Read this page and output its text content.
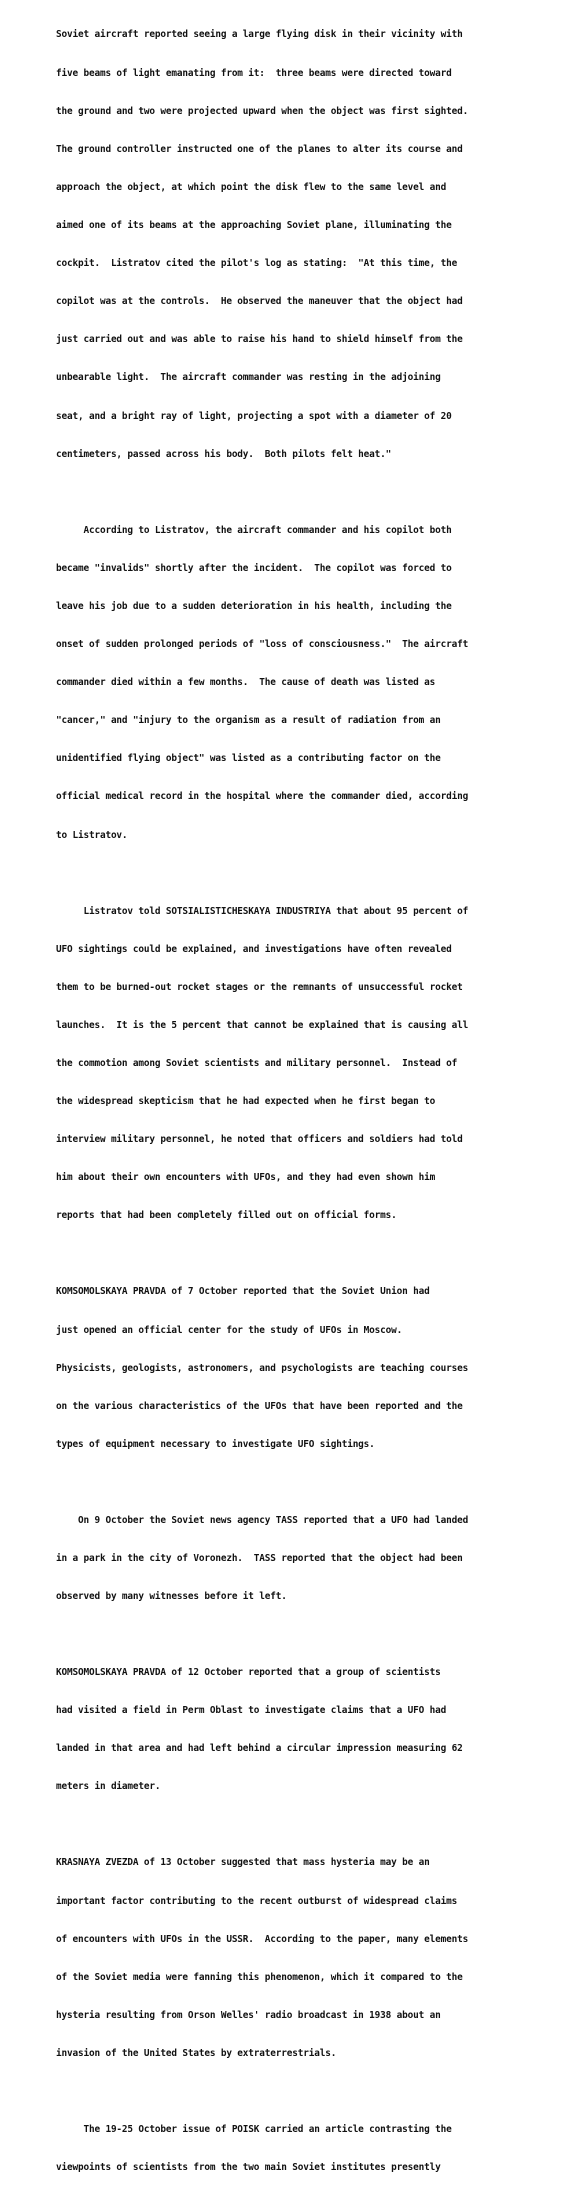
Soviet aircraft reported seeing a large flying disk in their vicinity with

five beams of light emanating from it:  three beams were directed toward

the ground and two were projected upward when the object was first sighted.

The ground controller instructed one of the planes to alter its course and

approach the object, at which point the disk flew to the same level and

aimed one of its beams at the approaching Soviet plane, illuminating the

cockpit.  Listratov cited the pilot's log as stating:  "At this time, the

copilot was at the controls.  He observed the maneuver that the object had

just carried out and was able to raise his hand to shield himself from the

unbearable light.  The aircraft commander was resting in the adjoining

seat, and a bright ray of light, projecting a spot with a diameter of 20

centimeters, passed across his body.  Both pilots felt heat."

According to Listratov, the aircraft commander and his copilot both

became "invalids" shortly after the incident.  The copilot was forced to

leave his job due to a sudden deterioration in his health, including the

onset of sudden prolonged periods of "loss of consciousness."  The aircraft

commander died within a few months.  The cause of death was listed as

"cancer," and "injury to the organism as a result of radiation from an

unidentified flying object" was listed as a contributing factor on the

official medical record in the hospital where the commander died, according

to Listratov.

Listratov told SOTSIALISTICHESKAYA INDUSTRIYA that about 95 percent of

UFO sightings could be explained, and investigations have often revealed

them to be burned-out rocket stages or the remnants of unsuccessful rocket

launches.  It is the 5 percent that cannot be explained that is causing all

the commotion among Soviet scientists and military personnel.  Instead of

the widespread skepticism that he had expected when he first began to

interview military personnel, he noted that officers and soldiers had told

him about their own encounters with UFOs, and they had even shown him

reports that had been completely filled out on official forms.

KOMSOMOLSKAYA PRAVDA of 7 October reported that the Soviet Union had

just opened an official center for the study of UFOs in Moscow.

Physicists, geologists, astronomers, and psychologists are teaching courses

on the various characteristics of the UFOs that have been reported and the

types of equipment necessary to investigate UFO sightings.

On 9 October the Soviet news agency TASS reported that a UFO had landed

in a park in the city of Voronezh.  TASS reported that the object had been

observed by many witnesses before it left.

KOMSOMOLSKAYA PRAVDA of 12 October reported that a group of scientists

had visited a field in Perm Oblast to investigate claims that a UFO had

landed in that area and had left behind a circular impression measuring 62

meters in diameter.

KRASNAYA ZVEZDA of 13 October suggested that mass hysteria may be an

important factor contributing to the recent outburst of widespread claims

of encounters with UFOs in the USSR.  According to the paper, many elements

of the Soviet media were fanning this phenomenon, which it compared to the

hysteria resulting from Orson Welles' radio broadcast in 1938 about an

invasion of the United States by extraterrestrials.

The 19-25 October issue of POISK carried an article contrasting the

viewpoints of scientists from the two main Soviet institutes presently
